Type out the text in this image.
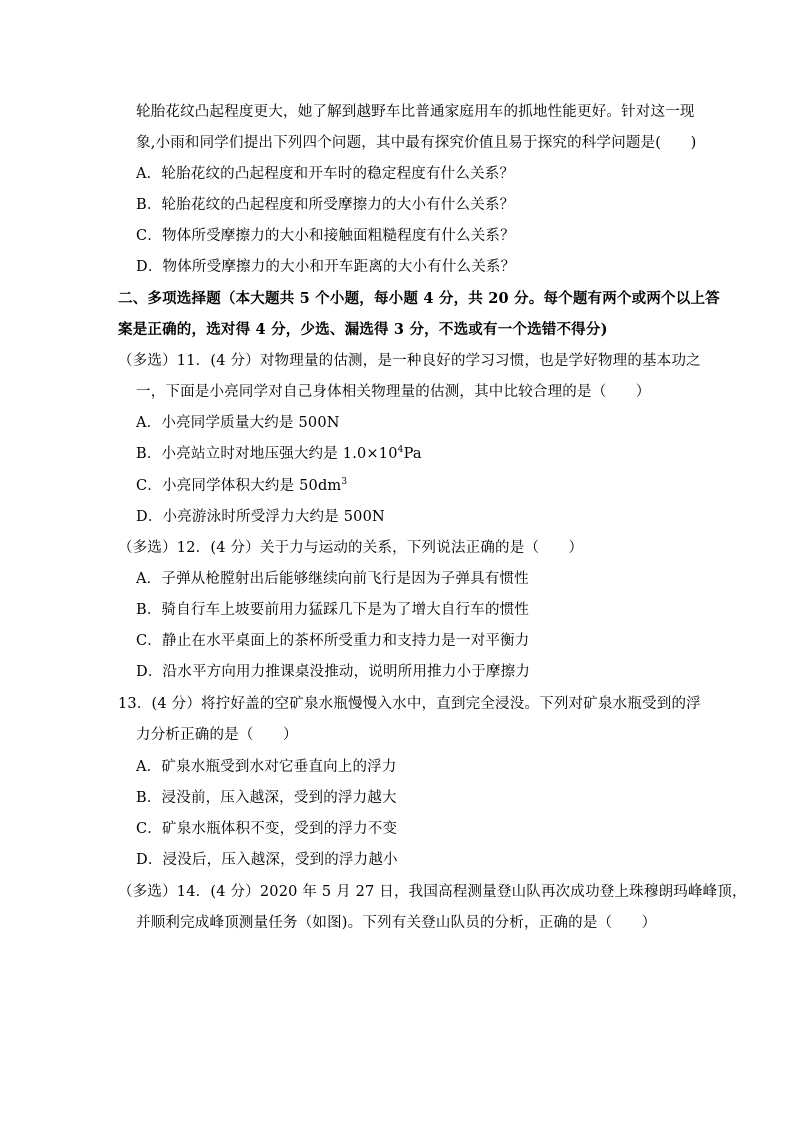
轮胎花纹凸起程度更大，她了解到越野车比普通家庭用车的抓地性能更好。针对这一现
象,小雨和同学们提出下列四个问题，其中最有探究价值且易于探究的科学问题是(　　)
A．轮胎花纹的凸起程度和开车时的稳定程度有什么关系？
B．轮胎花纹的凸起程度和所受摩擦力的大小有什么关系？
C．物体所受摩擦力的大小和接触面粗糙程度有什么关系？
D．物体所受摩擦力的大小和开车距离的大小有什么关系？
二、多项选择题（本大题共 5 个小题，每小题 4 分，共 20 分。每个题有两个或两个以上答
案是正确的，选对得 4 分，少选、漏选得 3 分，不选或有一个选错不得分)
（多选）11．(4 分）对物理量的估测，是一种良好的学习习惯，也是学好物理的基本功之
一，下面是小亮同学对自己身体相关物理量的估测，其中比较合理的是（　　）
A．小亮同学质量大约是 500N
B．小亮站立时对地压强大约是 $1.0\times 10^4Pa$
C．小亮同学体积大约是 $50dm^3$
D．小亮游泳时所受浮力大约是 500N
（多选）12．(4 分）关于力与运动的关系，下列说法正确的是（　　）
A．子弹从枪膛射出后能够继续向前飞行是因为子弹具有惯性
B．骑自行车上坡要前用力猛踩几下是为了增大自行车的惯性
C．静止在水平桌面上的茶杯所受重力和支持力是一对平衡力
D．沿水平方向用力推课桌没推动，说明所用推力小于摩擦力
13．(4 分）将拧好盖的空矿泉水瓶慢慢入水中，直到完全浸没。下列对矿泉水瓶受到的浮
力分析正确的是（　　）
A．矿泉水瓶受到水对它垂直向上的浮力
B．浸没前，压入越深，受到的浮力越大
C．矿泉水瓶体积不变，受到的浮力不变
D．浸没后，压入越深，受到的浮力越小
（多选）14．(4 分）2020 年 5 月 27 日，我国高程测量登山队再次成功登上珠穆朗玛峰峰顶，
并顺利完成峰顶测量任务（如图)。下列有关登山队员的分析，正确的是（　　）
